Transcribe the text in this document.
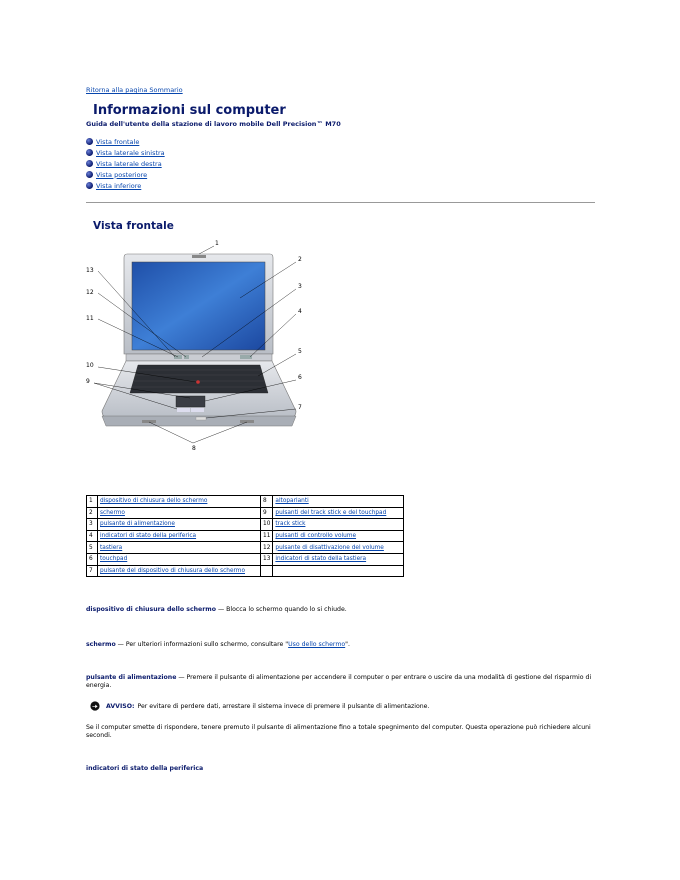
Ritorna alla pagina Sommario
Informazioni sul computer
Guida dell'utente della stazione di lavoro mobile Dell Precision™ M70
Vista frontale
Vista laterale sinistra
Vista laterale destra
Vista posteriore
Vista inferiore
Vista frontale
1
2
3
4
5
6
7
8
9
10
11
12
13
1	dispositivo di chiusura dello schermo	8	altoparlanti
2	schermo	9	pulsanti del track stick e del touchpad
3	pulsante di alimentazione	10	track stick
4	indicatori di stato della periferica	11	pulsanti di controllo volume
5	tastiera	12	pulsante di disattivazione del volume
6	touchpad	13	indicatori di stato della tastiera
7	pulsante del dispositivo di chiusura dello schermo		

dispositivo di chiusura dello schermo — Blocca lo schermo quando lo si chiude.

schermo — Per ulteriori informazioni sullo schermo, consultare "Uso dello schermo".

pulsante di alimentazione — Premere il pulsante di alimentazione per accendere il computer o per entrare o uscire da una modalità di gestione del risparmio di energia.

AVVISO: Per evitare di perdere dati, arrestare il sistema invece di premere il pulsante di alimentazione.

Se il computer smette di rispondere, tenere premuto il pulsante di alimentazione fino a totale spegnimento del computer. Questa operazione può richiedere alcuni secondi.

indicatori di stato della periferica
